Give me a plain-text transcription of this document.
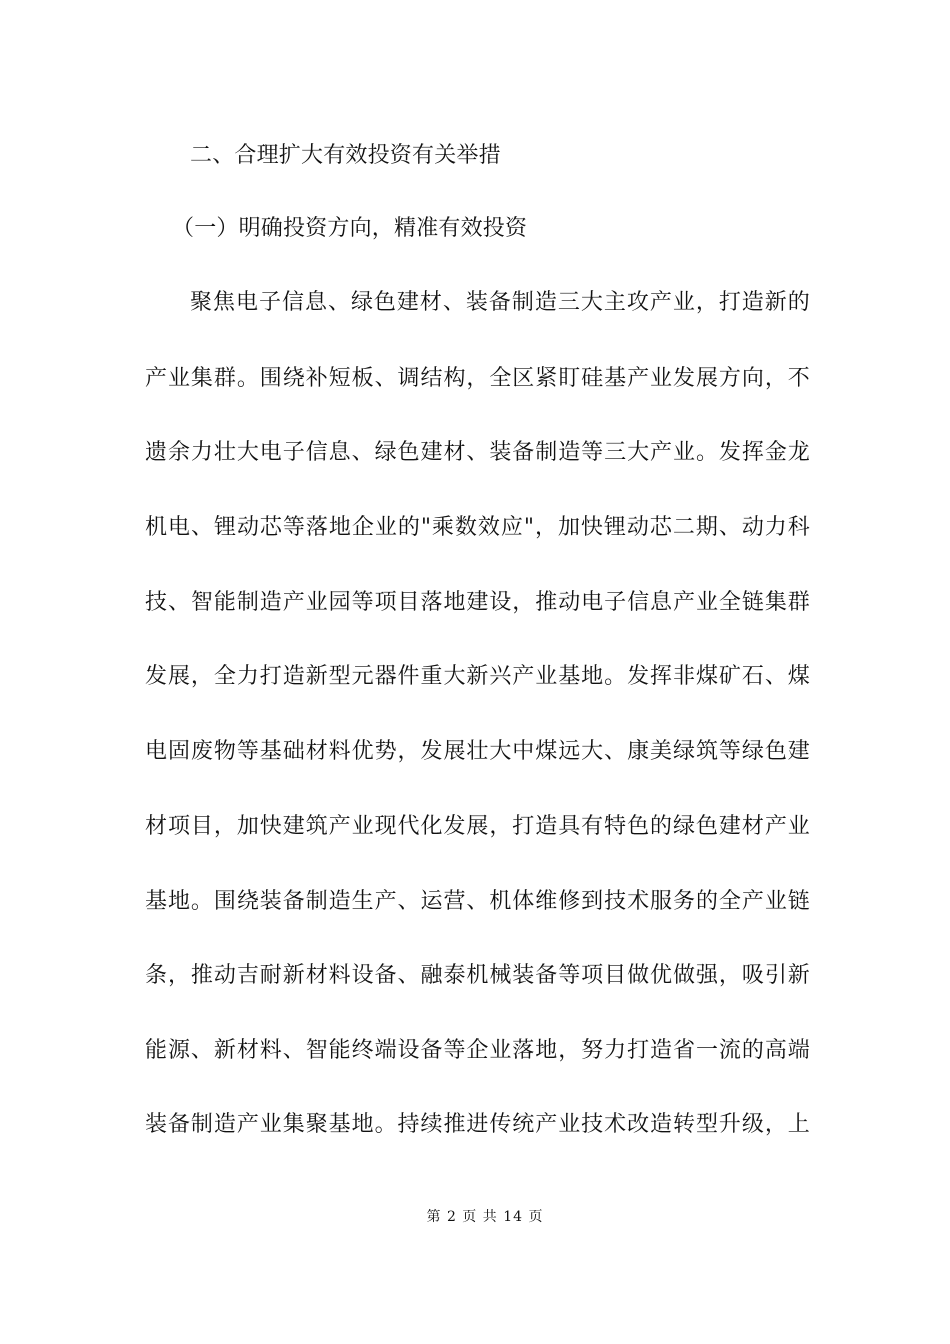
二、合理扩大有效投资有关举措
（一）明确投资方向，精准有效投资
聚焦电子信息、绿色建材、装备制造三大主攻产业，打造新的
产业集群。围绕补短板、调结构，全区紧盯硅基产业发展方向，不
遗余力壮大电子信息、绿色建材、装备制造等三大产业。发挥金龙
机电、锂动芯等落地企业的"乘数效应"，加快锂动芯二期、动力科
技、智能制造产业园等项目落地建设，推动电子信息产业全链集群
发展，全力打造新型元器件重大新兴产业基地。发挥非煤矿石、煤
电固废物等基础材料优势，发展壮大中煤远大、康美绿筑等绿色建
材项目，加快建筑产业现代化发展，打造具有特色的绿色建材产业
基地。围绕装备制造生产、运营、机体维修到技术服务的全产业链
条，推动吉耐新材料设备、融泰机械装备等项目做优做强，吸引新
能源、新材料、智能终端设备等企业落地，努力打造省一流的高端
装备制造产业集聚基地。持续推进传统产业技术改造转型升级，上
第 2 页 共 14 页
